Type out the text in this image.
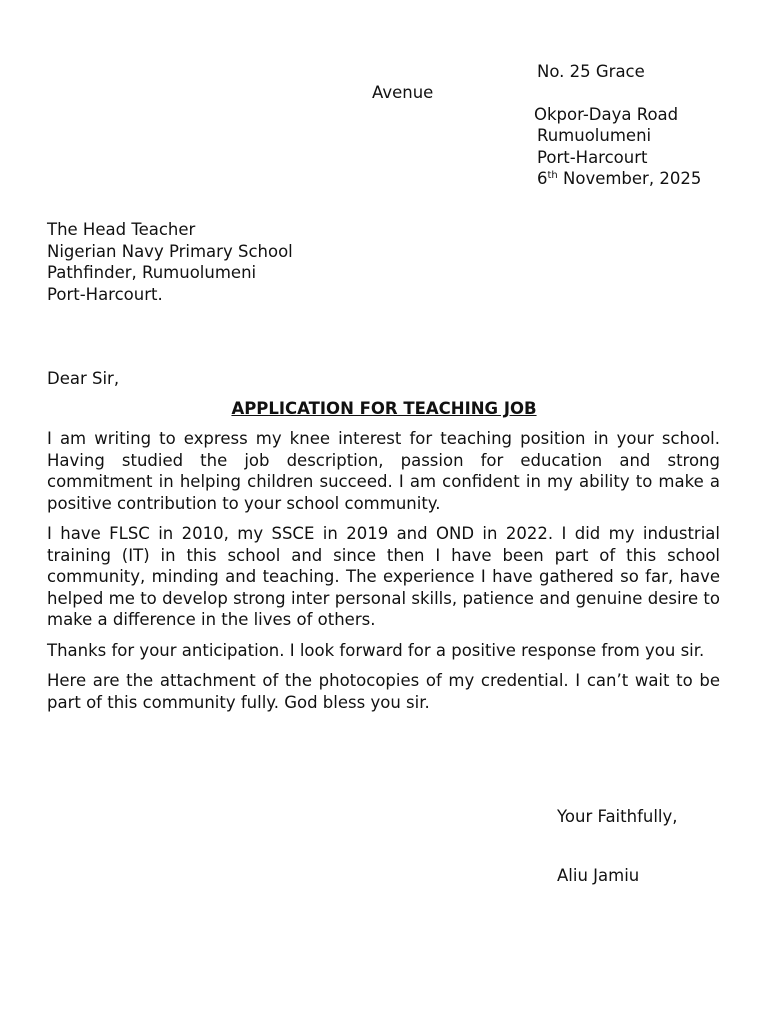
No. 25 Grace
Avenue
Okpor-Daya Road
Rumuolumeni
Port-Harcourt
6th November, 2025
The Head Teacher
Nigerian Navy Primary School
Pathfinder, Rumuolumeni
Port-Harcourt.
Dear Sir,
APPLICATION FOR TEACHING JOB

I am writing to express my knee interest for teaching position in your school. Having studied the job description, passion for education and strong commitment in helping children succeed. I am confident in my ability to make a positive contribution to your school community.

I have FLSC in 2010, my SSCE in 2019 and OND in 2022. I did my industrial training (IT) in this school and since then I have been part of this school community, minding and teaching. The experience I have gathered so far, have helped me to develop strong inter personal skills, patience and genuine desire to make a difference in the lives of others.

Thanks for your anticipation. I look forward for a positive response from you sir.

Here are the attachment of the photocopies of my credential. I can’t wait to be part of this community fully. God bless you sir.

Your Faithfully,
Aliu Jamiu
